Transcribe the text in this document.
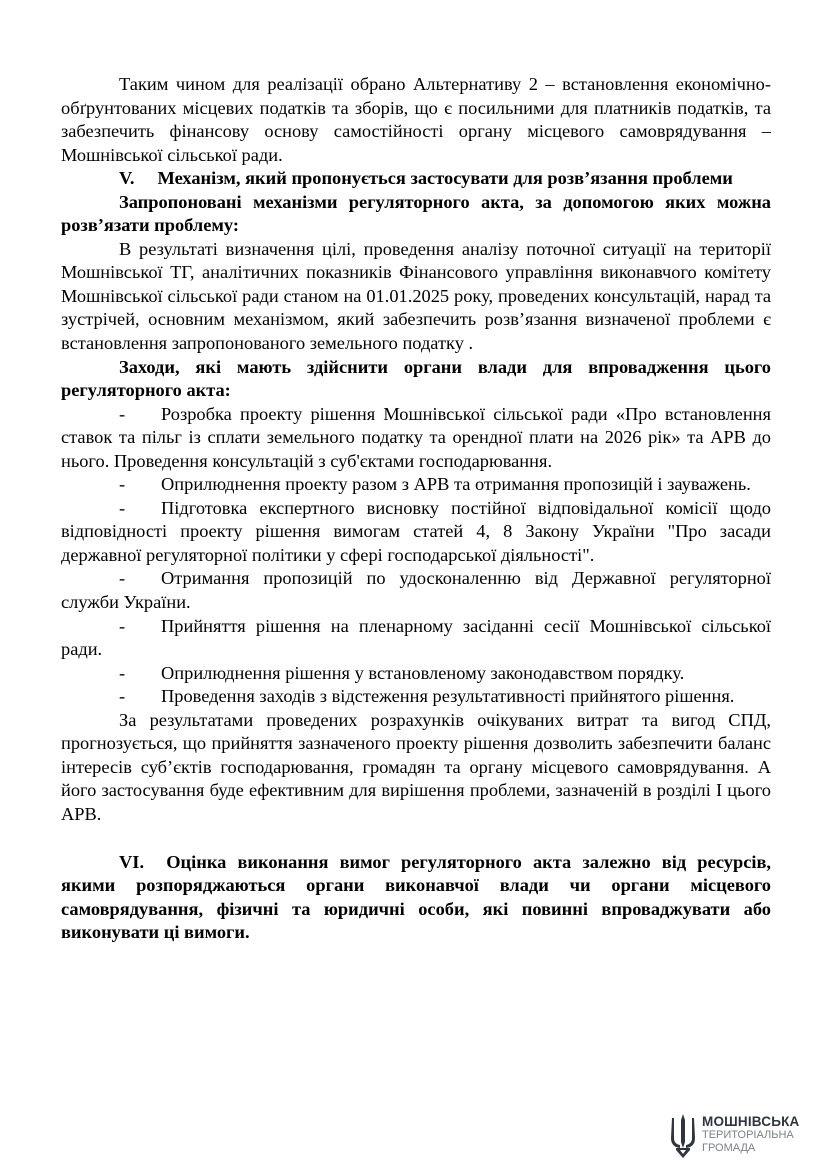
Таким чином для реалізації обрано Альтернативу 2 – встановлення економічно-обґрунтованих місцевих податків та зборів, що є посильними для платників податків, та забезпечить фінансову основу самостійності органу місцевого самоврядування – Мошнівської сільської ради.

V.     Механізм, який пропонується застосувати для розв’язання проблеми

Запропоновані механізми регуляторного акта, за допомогою яких можна розв’язати проблему:

В результаті визначення цілі, проведення аналізу поточної ситуації на території Мошнівської ТГ, аналітичних показників Фінансового управління виконавчого комітету Мошнівської сільської ради станом на 01.01.2025 року, проведених консультацій, нарад та зустрічей, основним механізмом, який забезпечить розв’язання визначеної проблеми є встановлення запропонованого земельного податку .

Заходи, які мають здійснити органи влади для впровадження цього регуляторного акта:

- Розробка проекту рішення Мошнівської сільської ради «Про встановлення ставок та пільг із сплати земельного податку та орендної плати на 2026 рік» та АРВ до нього. Проведення консультацій з суб'єктами господарювання.

- Оприлюднення проекту разом з АРВ та отримання пропозицій і зауважень.

- Підготовка експертного висновку постійної відповідальної комісії щодо відповідності проекту рішення вимогам статей 4, 8 Закону України "Про засади державної регуляторної політики у сфері господарської діяльності".

- Отримання пропозицій по удосконаленню від Державної регуляторної служби України.

- Прийняття рішення на пленарному засіданні сесії Мошнівської сільської ради.

- Оприлюднення рішення у встановленому законодавством порядку.

- Проведення заходів з відстеження результативності прийнятого рішення.

За результатами проведених розрахунків очікуваних витрат та вигод СПД, прогнозується, що прийняття зазначеного проекту рішення дозволить забезпечити баланс інтересів суб’єктів господарювання, громадян та органу місцевого самоврядування. А його застосування буде ефективним для вирішення проблеми, зазначеній в розділі І цього АРВ.

VI.  Оцінка виконання вимог регуляторного акта залежно від ресурсів, якими розпоряджаються органи виконавчої влади чи органи місцевого самоврядування, фізичні та юридичні особи, які повинні впроваджувати або виконувати ці вимоги.

МОШНІВСЬКА
ТЕРИТОРІАЛЬНА
ГРОМАДА
